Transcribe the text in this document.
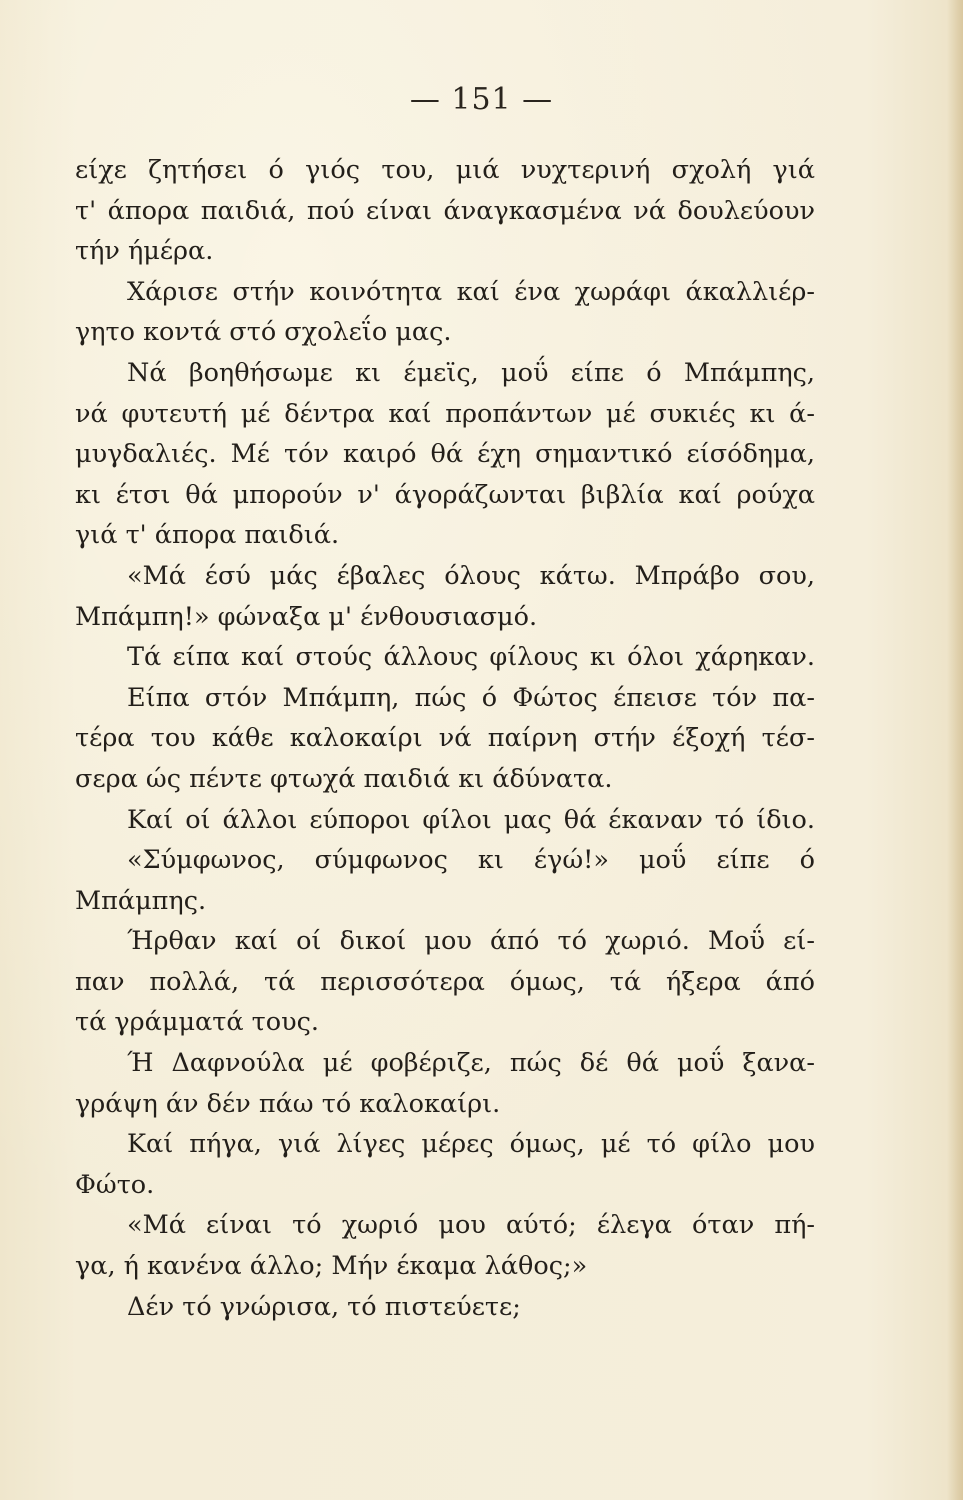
— 151 —
είχε ζητήσει ό γιός του, μιά νυχτερινή σχολή γιά
τ' άπορα παιδιά, πού είναι άναγκασμένα νά δουλεύουν
τήν ήμέρα.
Χάρισε στήν κοινότητα καί ένα χωράφι άκαλλιέρ-
γητο κοντά στό σχολεΐο μας.
Νά βοηθήσωμε κι έμεϊς, μοΰ είπε ό Μπάμπης,
νά φυτευτή μέ δέντρα καί προπάντων μέ συκιές κι ά-
μυγδαλιές. Μέ τόν καιρό θά έχη σημαντικό είσόδημα,
κι έτσι θά μπορούν ν' άγοράζωνται βιβλία καί ρούχα
γιά τ' άπορα παιδιά.
«Μά έσύ μάς έβαλες όλους κάτω. Μπράβο σου,
Μπάμπη!» φώναξα μ' ένθουσιασμό.
Τά είπα καί στούς άλλους φίλους κι όλοι χάρηκαν.
Είπα στόν Μπάμπη, πώς ό Φώτος έπεισε τόν πα-
τέρα του κάθε καλοκαίρι νά παίρνη στήν έξοχή τέσ-
σερα ώς πέντε φτωχά παιδιά κι άδύνατα.
Καί οί άλλοι εύποροι φίλοι μας θά έκαναν τό ίδιο.
«Σύμφωνος, σύμφωνος κι έγώ!» μοΰ είπε ό
Μπάμπης.
Ήρθαν καί οί δικοί μου άπό τό χωριό. Μοΰ εί-
παν πολλά, τά περισσότερα όμως, τά ήξερα άπό
τά γράμματά τους.
Ή Δαφνούλα μέ φοβέριζε, πώς δέ θά μοΰ ξανα-
γράψη άν δέν πάω τό καλοκαίρι.
Καί πήγα, γιά λίγες μέρες όμως, μέ τό φίλο μου
Φώτο.
«Μά είναι τό χωριό μου αύτό; έλεγα όταν πή-
γα, ή κανένα άλλο; Μήν έκαμα λάθος;»
Δέν τό γνώρισα, τό πιστεύετε;
